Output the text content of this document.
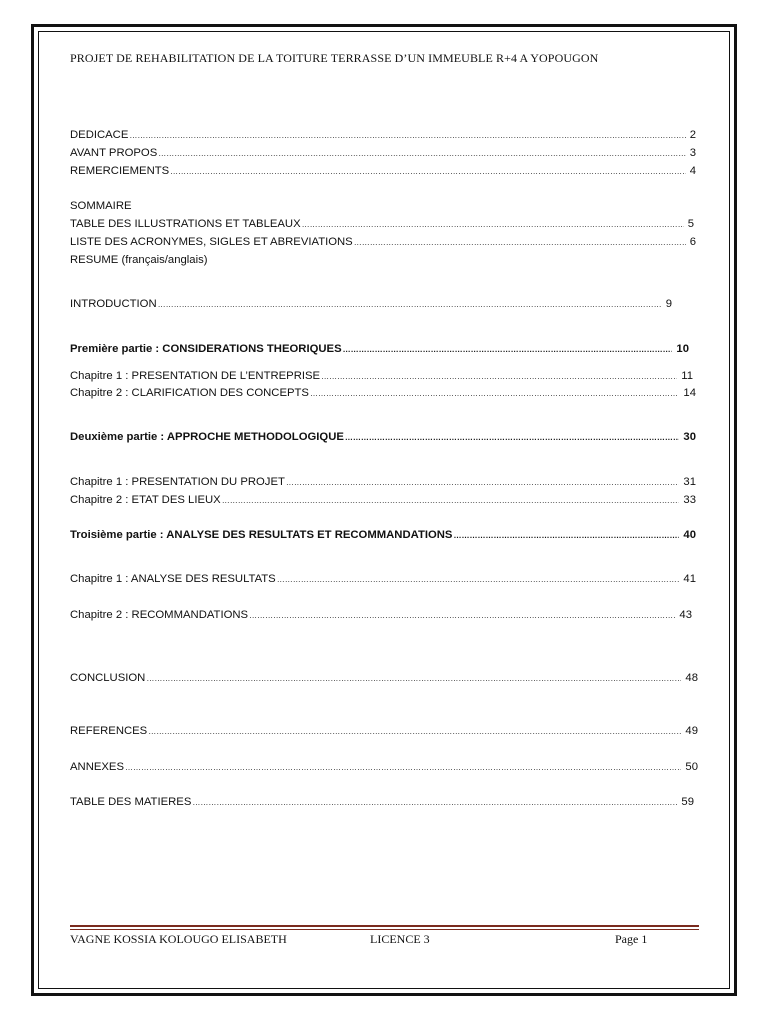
PROJET DE REHABILITATION DE LA TOITURE TERRASSE D’UN IMMEUBLE R+4 A YOPOUGON
DEDICACE ……………………………………………………………………………………………………………………………………………………………………………………………………………………………………………………………	2
AVANT PROPOS ……………………………………………………………………………………………………………………………………………………………………………………………………………………………………………………………	3
REMERCIEMENTS ……………………………………………………………………………………………………………………………………………………………………………………………………………………………………………………………	4
SOMMAIRE
TABLE DES ILLUSTRATIONS ET TABLEAUX ……………………………………………………………………………………………………………………………………………………………………………………………………………………………………………………………	5
LISTE DES ACRONYMES, SIGLES ET ABREVIATIONS ……………………………………………………………………………………………………………………………………………………………………………………………………………………………………………………………	6
RESUME (français/anglais)
INTRODUCTION ……………………………………………………………………………………………………………………………………………………………………………………………………………………………………………………………	9
Première partie : CONSIDERATIONS THEORIQUES ……………………………………………………………………………………………………………………………………………………………………………………………………………………………………………………………	10
Chapitre 1 : PRESENTATION DE L’ENTREPRISE ……………………………………………………………………………………………………………………………………………………………………………………………………………………………………………………………	11
Chapitre 2 : CLARIFICATION DES CONCEPTS ……………………………………………………………………………………………………………………………………………………………………………………………………………………………………………………………	14
Deuxième partie : APPROCHE METHODOLOGIQUE ……………………………………………………………………………………………………………………………………………………………………………………………………………………………………………………………	30
Chapitre 1 : PRESENTATION DU PROJET ……………………………………………………………………………………………………………………………………………………………………………………………………………………………………………………………	31
Chapitre 2 : ETAT DES LIEUX ……………………………………………………………………………………………………………………………………………………………………………………………………………………………………………………………	33
Troisième partie : ANALYSE DES RESULTATS ET RECOMMANDATIONS ……………………………………………………………………………………………………………………………………………………………………………………………………………………………………………………………	40
Chapitre 1 : ANALYSE DES RESULTATS ……………………………………………………………………………………………………………………………………………………………………………………………………………………………………………………………	41
Chapitre 2 : RECOMMANDATIONS ……………………………………………………………………………………………………………………………………………………………………………………………………………………………………………………………	43
CONCLUSION ……………………………………………………………………………………………………………………………………………………………………………………………………………………………………………………………	48
REFERENCES ……………………………………………………………………………………………………………………………………………………………………………………………………………………………………………………………	49
ANNEXES ……………………………………………………………………………………………………………………………………………………………………………………………………………………………………………………………	50
TABLE DES MATIERES ……………………………………………………………………………………………………………………………………………………………………………………………………………………………………………………………	59
VAGNE KOSSIA KOLOUGO ELISABETH	LICENCE 3	Page 1
